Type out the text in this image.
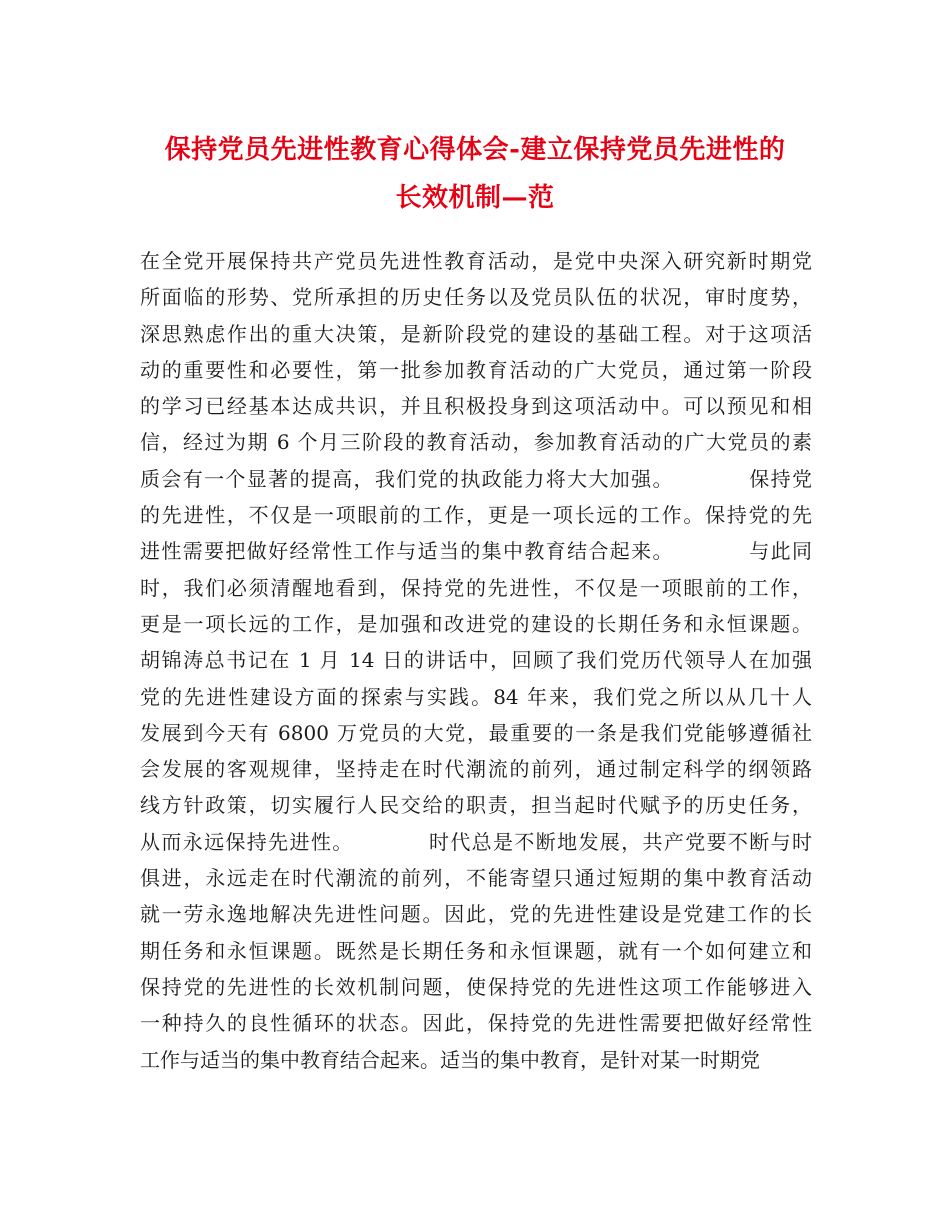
保持党员先进性教育心得体会-建立保持党员先进性的
长效机制—范
在全党开展保持共产党员先进性教育活动，是党中央深入研究新时期党
所面临的形势、党所承担的历史任务以及党员队伍的状况，审时度势，
深思熟虑作出的重大决策，是新阶段党的建设的基础工程。对于这项活
动的重要性和必要性，第一批参加教育活动的广大党员，通过第一阶段
的学习已经基本达成共识，并且积极投身到这项活动中。可以预见和相
信，经过为期 6 个月三阶段的教育活动，参加教育活动的广大党员的素
质会有一个显著的提高，我们党的执政能力将大大加强。　　　　保持党
的先进性，不仅是一项眼前的工作，更是一项长远的工作。保持党的先
进性需要把做好经常性工作与适当的集中教育结合起来。　　　　与此同
时，我们必须清醒地看到，保持党的先进性，不仅是一项眼前的工作，
更是一项长远的工作，是加强和改进党的建设的长期任务和永恒课题。
胡锦涛总书记在 1 月 14 日的讲话中，回顾了我们党历代领导人在加强
党的先进性建设方面的探索与实践。84 年来，我们党之所以从几十人
发展到今天有 6800 万党员的大党，最重要的一条是我们党能够遵循社
会发展的客观规律，坚持走在时代潮流的前列，通过制定科学的纲领路
线方针政策，切实履行人民交给的职责，担当起时代赋予的历史任务，
从而永远保持先进性。　　　　时代总是不断地发展，共产党要不断与时
俱进，永远走在时代潮流的前列，不能寄望只通过短期的集中教育活动
就一劳永逸地解决先进性问题。因此，党的先进性建设是党建工作的长
期任务和永恒课题。既然是长期任务和永恒课题，就有一个如何建立和
保持党的先进性的长效机制问题，使保持党的先进性这项工作能够进入
一种持久的良性循环的状态。因此，保持党的先进性需要把做好经常性
工作与适当的集中教育结合起来。适当的集中教育，是针对某一时期党
